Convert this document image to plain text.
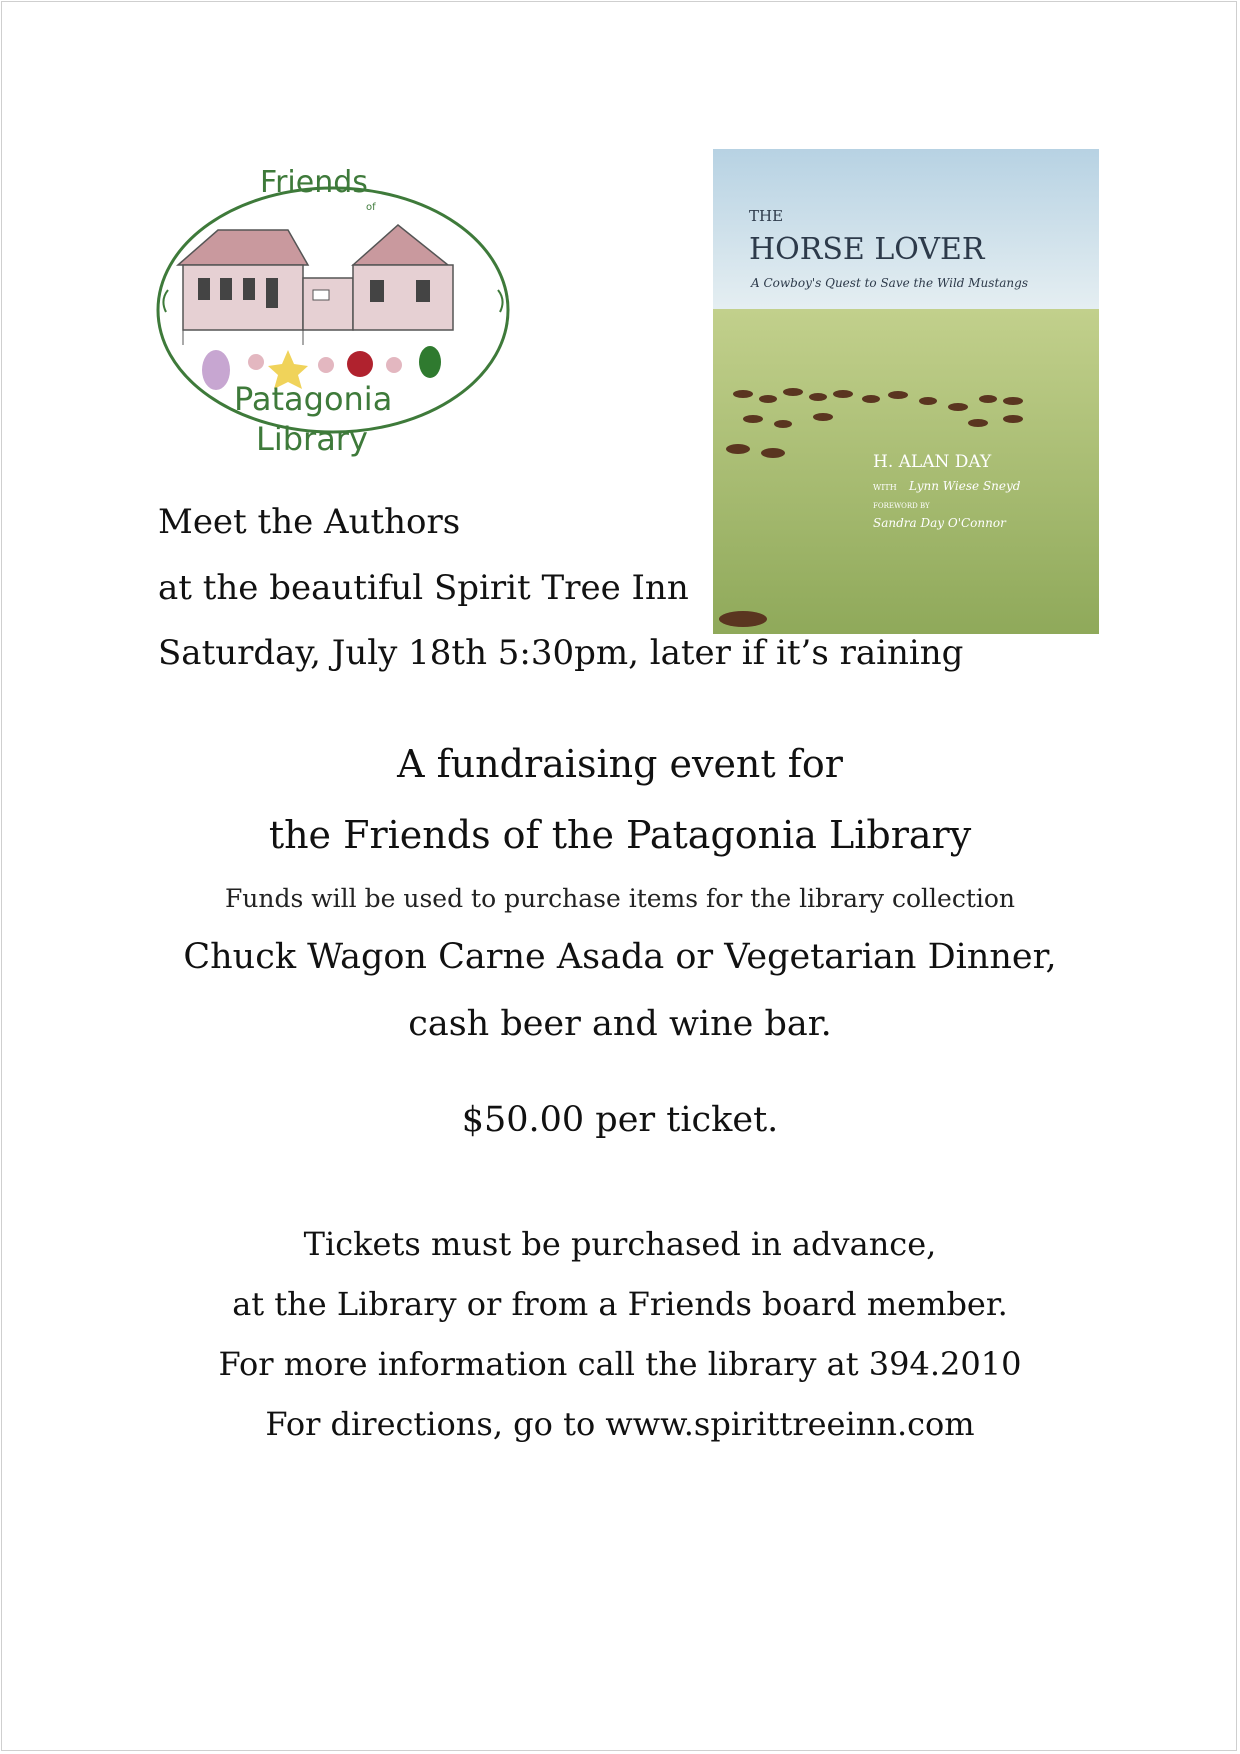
Friends
of
Patagonia
Library
THE
HORSE LOVER
A Cowboy's Quest to Save the Wild Mustangs
H. ALAN DAY
WITH Lynn Wiese Sneyd
FOREWORD BY
Sandra Day O'Connor
Meet the Authors
at the beautiful Spirit Tree Inn
Saturday, July 18th 5:30pm, later if it’s raining
A fundraising event for
the Friends of the Patagonia Library
Funds will be used to purchase items for the library collection
Chuck Wagon Carne Asada or Vegetarian Dinner,
cash beer and wine bar.
$50.00 per ticket.
Tickets must be purchased in advance,
at the Library or from a Friends board member.
For more information call the library at 394.2010
For directions, go to www.spirittreeinn.com
